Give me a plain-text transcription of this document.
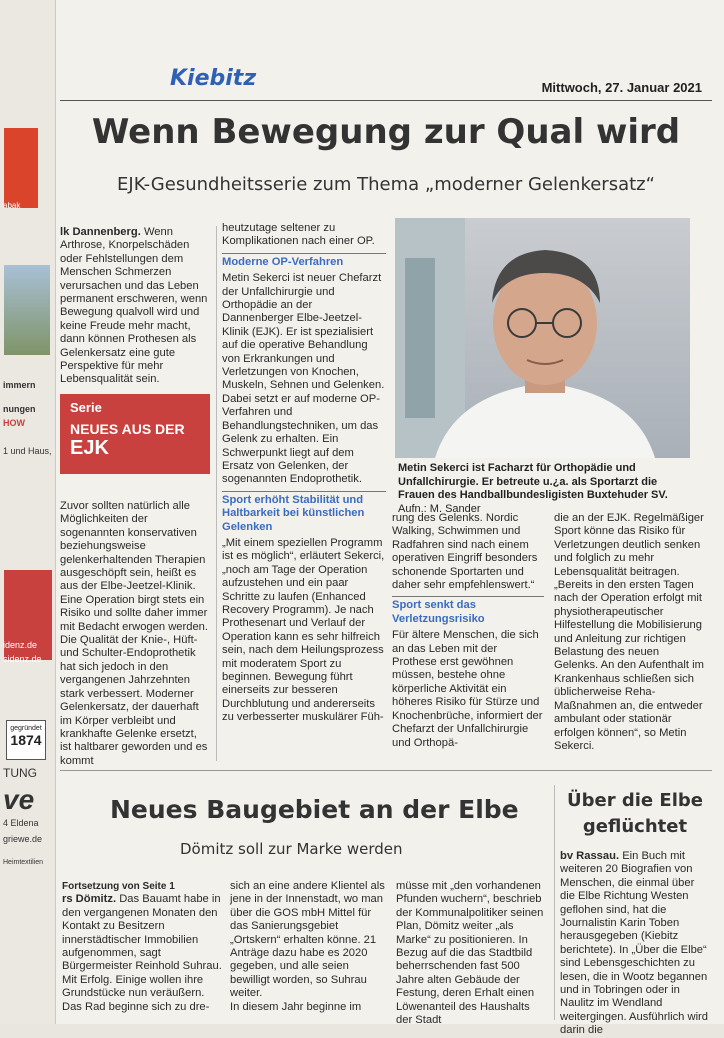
abak
immern
nungen
HOW
1 und Haus,
idenz.de
sidenz.de
gegründet
1874
TUNG
ve
4 Eldena
griewe.de
Heimtextilien
Kiebitz	Mittwoch, 27. Januar 2021
Wenn Bewegung zur Qual wird
EJK-Gesundheitsserie zum Thema „moderner Gelenkersatz“

lk Dannenberg. Wenn Arthrose, Knorpelschäden oder Fehlstellungen dem Menschen Schmerzen verursachen und das Leben permanent erschweren, wenn Bewegung qualvoll wird und keine Freude mehr macht, dann können Prothesen als Gelenkersatz eine gute Perspektive für mehr Lebensqualität sein.

Serie
NEUES AUS DER
EJK

Zuvor sollten natürlich alle Möglichkeiten der sogenannten konservativen beziehungsweise gelenkerhaltenden Therapien ausgeschöpft sein, heißt es aus der Elbe-Jeetzel-Klinik. Eine Operation birgt stets ein Risiko und sollte daher immer mit Bedacht erwogen werden.

Die Qualität der Knie-, Hüft- und Schulter-Endoprothetik hat sich jedoch in den vergangenen Jahrzehnten stark verbessert. Moderner Gelenkersatz, der dauerhaft im Körper verbleibt und krankhafte Gelenke ersetzt, ist haltbarer geworden und es kommt

heutzutage seltener zu Komplikationen nach einer OP.

Moderne OP-Verfahren

Metin Sekerci ist neuer Chefarzt der Unfallchirurgie und Orthopädie an der Dannenberger Elbe-Jeetzel-Klinik (EJK). Er ist spezialisiert auf die operative Behandlung von Erkrankungen und Verletzungen von Knochen, Muskeln, Sehnen und Gelenken. Dabei setzt er auf moderne OP-Verfahren und Behandlungstechniken, um das Gelenk zu erhalten. Ein Schwerpunkt liegt auf dem Ersatz von Gelenken, der sogenannten Endoprothetik.

Sport erhöht Stabilität und Haltbarkeit bei künstlichen Gelenken

„Mit einem speziellen Programm ist es möglich“, erläutert Sekerci, „noch am Tage der Operation aufzustehen und ein paar Schritte zu laufen (Enhanced Recovery Programm). Je nach Prothesenart und Verlauf der Operation kann es sehr hilfreich sein, nach dem Heilungsprozess mit moderatem Sport zu beginnen. Bewegung führt einerseits zur besseren Durchblutung und andererseits zu verbesserter muskulärer Füh-

Metin Sekerci ist Facharzt für Orthopädie und Unfallchirurgie. Er betreute u.¿a. als Sportarzt die Frauen des Handballbundesligisten Buxtehuder SV. Aufn.: M. Sander

rung des Gelenks. Nordic Walking, Schwimmen und Radfahren sind nach einem operativen Eingriff besonders schonende Sportarten und daher sehr empfehlenswert.“

Sport senkt das Verletzungsrisiko

Für ältere Menschen, die sich an das Leben mit der Prothese erst gewöhnen müssen, bestehe ohne körperliche Aktivität ein höheres Risiko für Stürze und Knochenbrüche, informiert der Chefarzt der Unfallchirurgie und Orthopä-

die an der EJK. Regelmäßiger Sport könne das Risiko für Verletzungen deutlich senken und folglich zu mehr Lebensqualität beitragen. „Bereits in den ersten Tagen nach der Operation erfolgt mit physiotherapeutischer Hilfestellung die Mobilisierung und Anleitung zur richtigen Belastung des neuen Gelenks. An den Aufenthalt im Krankenhaus schließen sich üblicherweise Reha-Maßnahmen an, die entweder ambulant oder stationär erfolgen können“, so Metin Sekerci.

Neues Baugebiet an der Elbe
Dömitz soll zur Marke werden

Fortsetzung von Seite 1

rs Dömitz. Das Bauamt habe in den vergangenen Monaten den Kontakt zu Besitzern innerstädtischer Immobilien aufgenommen, sagt Bürgermeister Reinhold Suhrau. Mit Erfolg. Einige wollen ihre Grundstücke nun veräußern. Das Rad beginne sich zu dre-

sich an eine andere Klientel als jene in der Innenstadt, wo man über die GOS mbH Mittel für das Sanierungsgebiet „Ortskern“ erhalten könne. 21 Anträge dazu habe es 2020 gegeben, und alle seien bewilligt worden, so Suhrau weiter.

In diesem Jahr beginne im

müsse mit „den vorhandenen Pfunden wuchern“, beschrieb der Kommunalpolitiker seinen Plan, Dömitz weiter „als Marke“ zu positionieren. In Bezug auf die das Stadtbild beherrschenden fast 500 Jahre alten Gebäude der Festung, deren Erhalt einen Löwenanteil des Haushalts der Stadt

Über die Elbe geflüchtet

bv Rassau. Ein Buch mit weiteren 20 Biografien von Menschen, die einmal über die Elbe Richtung Westen geflohen sind, hat die Journalistin Karin Toben herausgegeben (Kiebitz berichtete). In „Über die Elbe“ sind Lebensgeschichten zu lesen, die in Wootz begannen und in Tobringen oder in Naulitz im Wendland weitergingen. Ausführlich wird darin die
